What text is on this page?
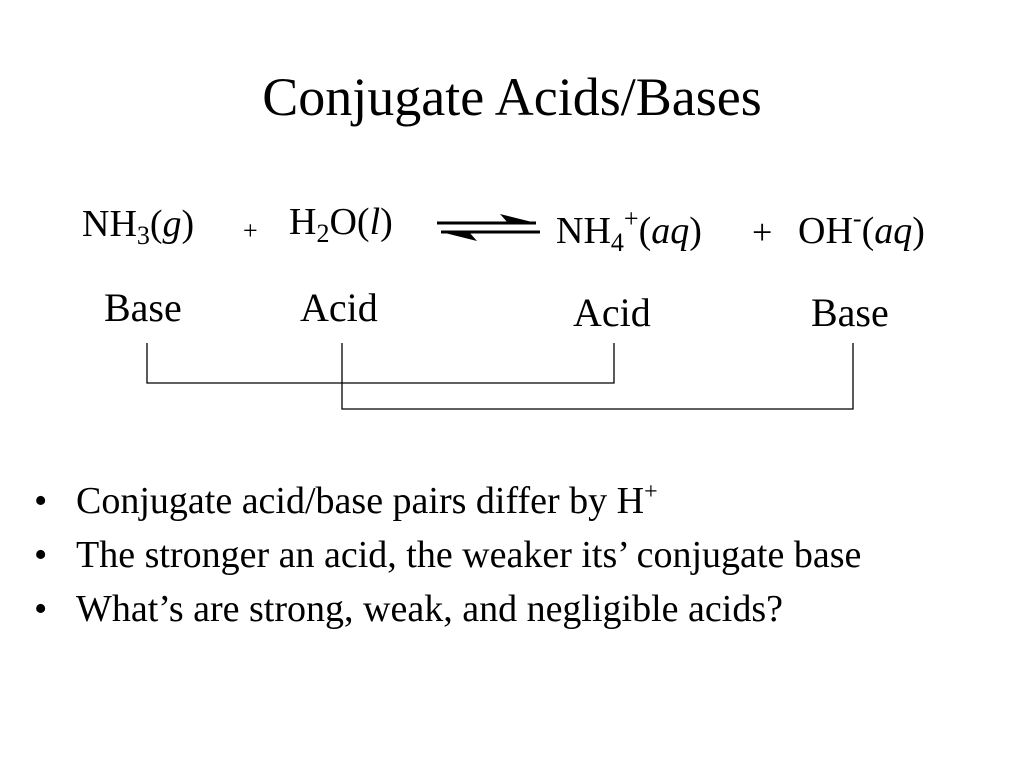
Conjugate Acids/Bases
$NH_3(g) + H_2O(l)$	$NH_4^+(aq) + OH^-(aq)$
Base	Acid	Acid	Base
• Conjugate acid/base pairs differ by H+
• The stronger an acid, the weaker its’ conjugate base
• What’s are strong, weak, and negligible acids?
